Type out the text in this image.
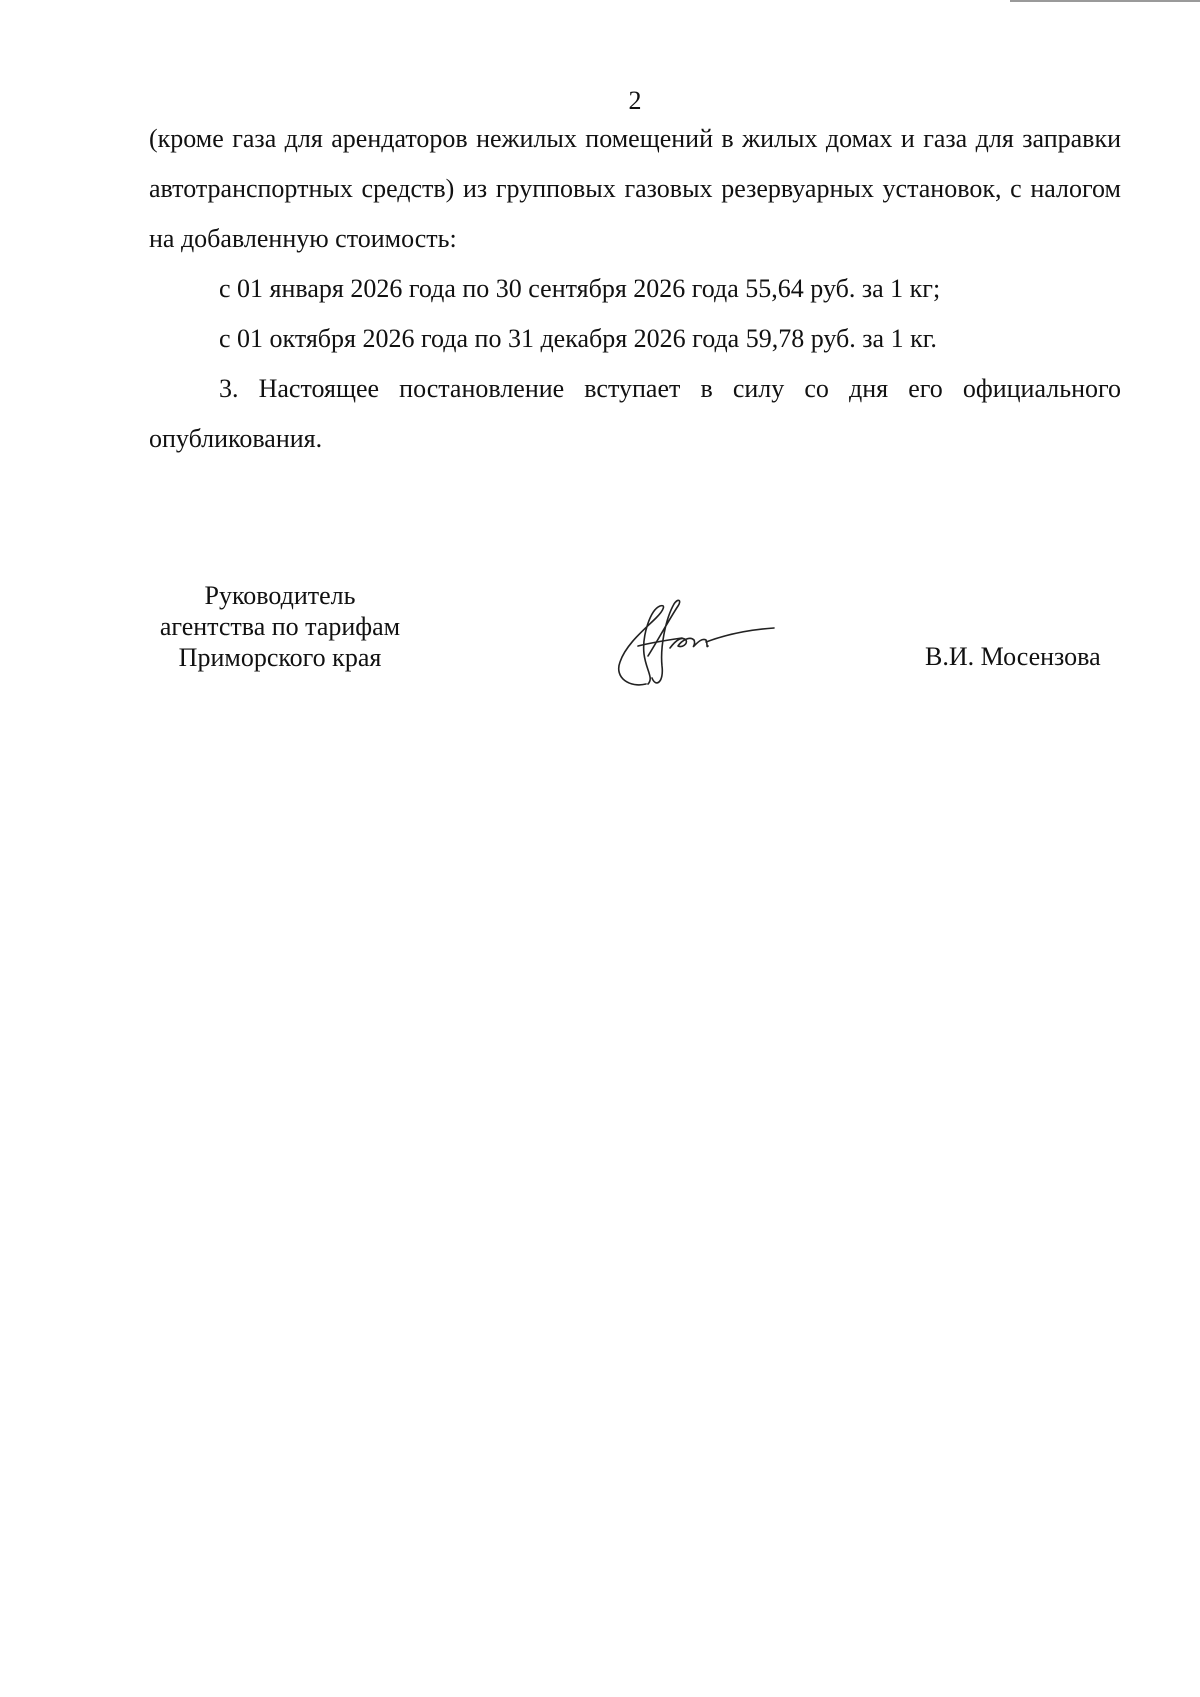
2

(кроме газа для арендаторов нежилых помещений в жилых домах и газа для заправки автотранспортных средств) из групповых газовых резервуарных установок, с налогом на добавленную стоимость:

с 01 января 2026 года по 30 сентября 2026 года 55,64 руб. за 1 кг;

с 01 октября 2026 года по 31 декабря 2026 года 59,78 руб. за 1 кг.

3. Настоящее постановление вступает в силу со дня его официального опубликования.

Руководитель
агентства по тарифам
Приморского края	В.И. Мосензова
